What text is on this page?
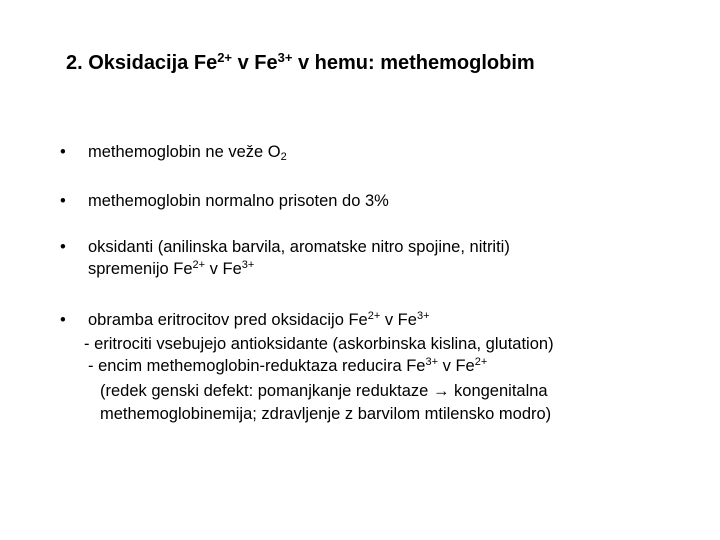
2. Oksidacija $Fe^{2+}$ v $Fe^{3+}$ v hemu: methemoglobim
• methemoglobin ne veže $O_2$
• methemoglobin normalno prisoten do 3%
• oksidanti (anilinska barvila, aromatske nitro spojine, nitriti)
spremenijo $Fe^{2+}$ v $Fe^{3+}$
• obramba eritrocitov pred oksidacijo $Fe^{2+}$ v $Fe^{3+}$
- eritrociti vsebujejo antioksidante (askorbinska kislina, glutation)
- encim methemoglobin-reduktaza reducira $Fe^{3+}$ v $Fe^{2+}$
(redek genski defekt: pomanjkanje reduktaze → kongenitalna
methemoglobinemija; zdravljenje z barvilom mtilensko modro)
